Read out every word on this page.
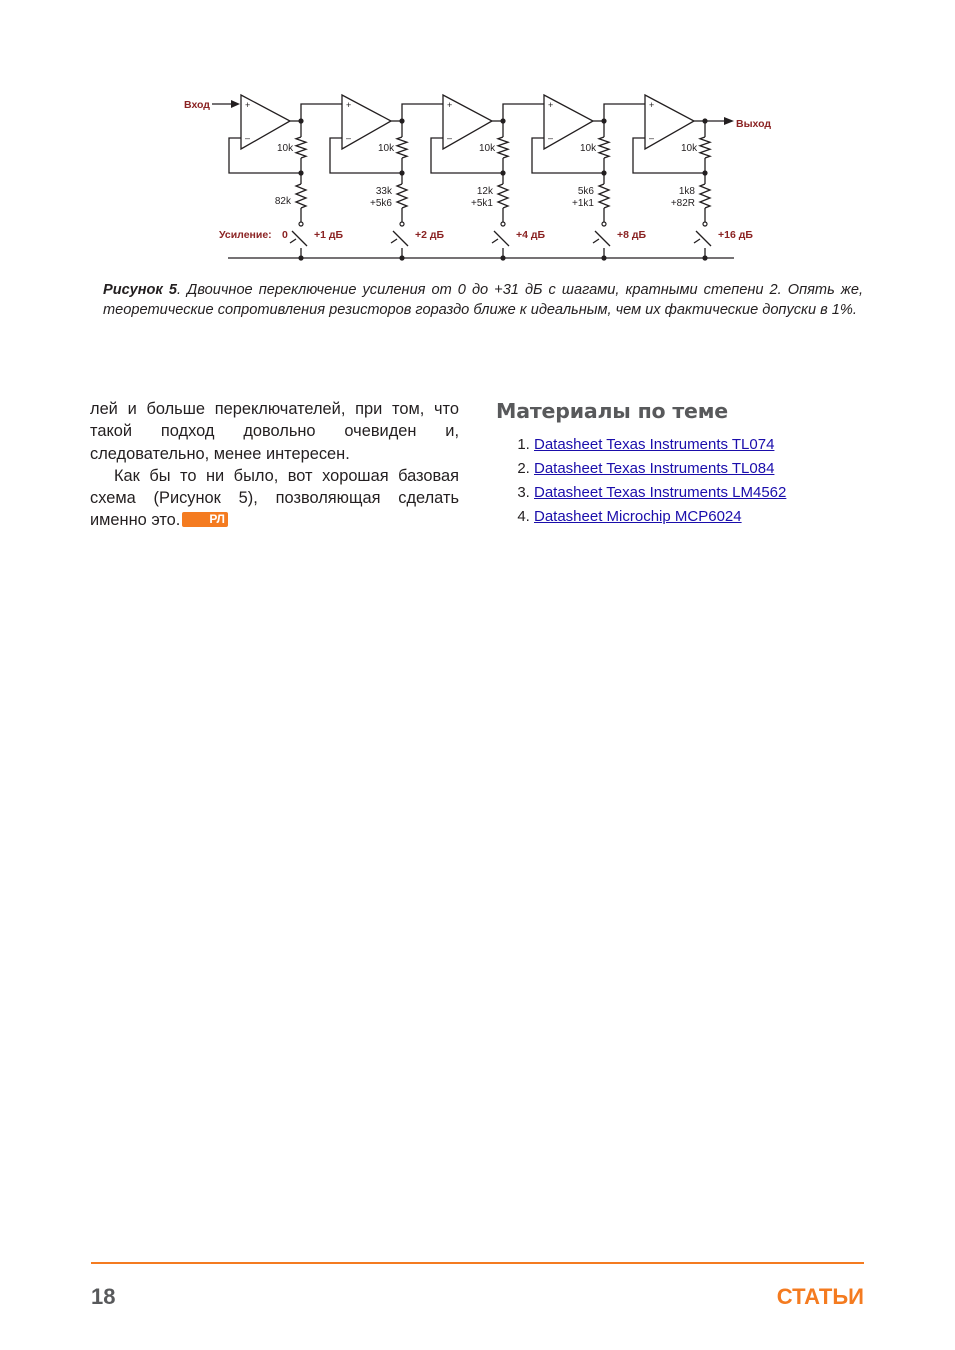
Вход
Усиление: 0
+
–
10k
82k
+1 дБ
+
–
10k
33k
+5k6
+2 дБ
+
–
10k
12k
+5k1
+4 дБ
+
–
10k
5k6
+1k1
+8 дБ
+
–
10k
1k8
+82R
+16 дБ
Выход
Рисунок 5. Двоичное переключение усиления от 0 до +31 дБ с шагами, кратными степени 2. Опять же, теоретические сопротивления резисторов гораздо ближе к идеальным, чем их фактические допуски в 1%.

лей и больше переключателей, при том, что такой подход довольно очевиден и, следовательно, менее интересен.

Как бы то ни было, вот хорошая базовая схема (Рисунок 5), позволяющая сделать именно это. РЛ

Материалы по теме
1. Datasheet Texas Instruments TL074
2. Datasheet Texas Instruments TL084
3. Datasheet Texas Instruments LM4562
4. Datasheet Microchip MCP6024
18	СТАТЬИ
